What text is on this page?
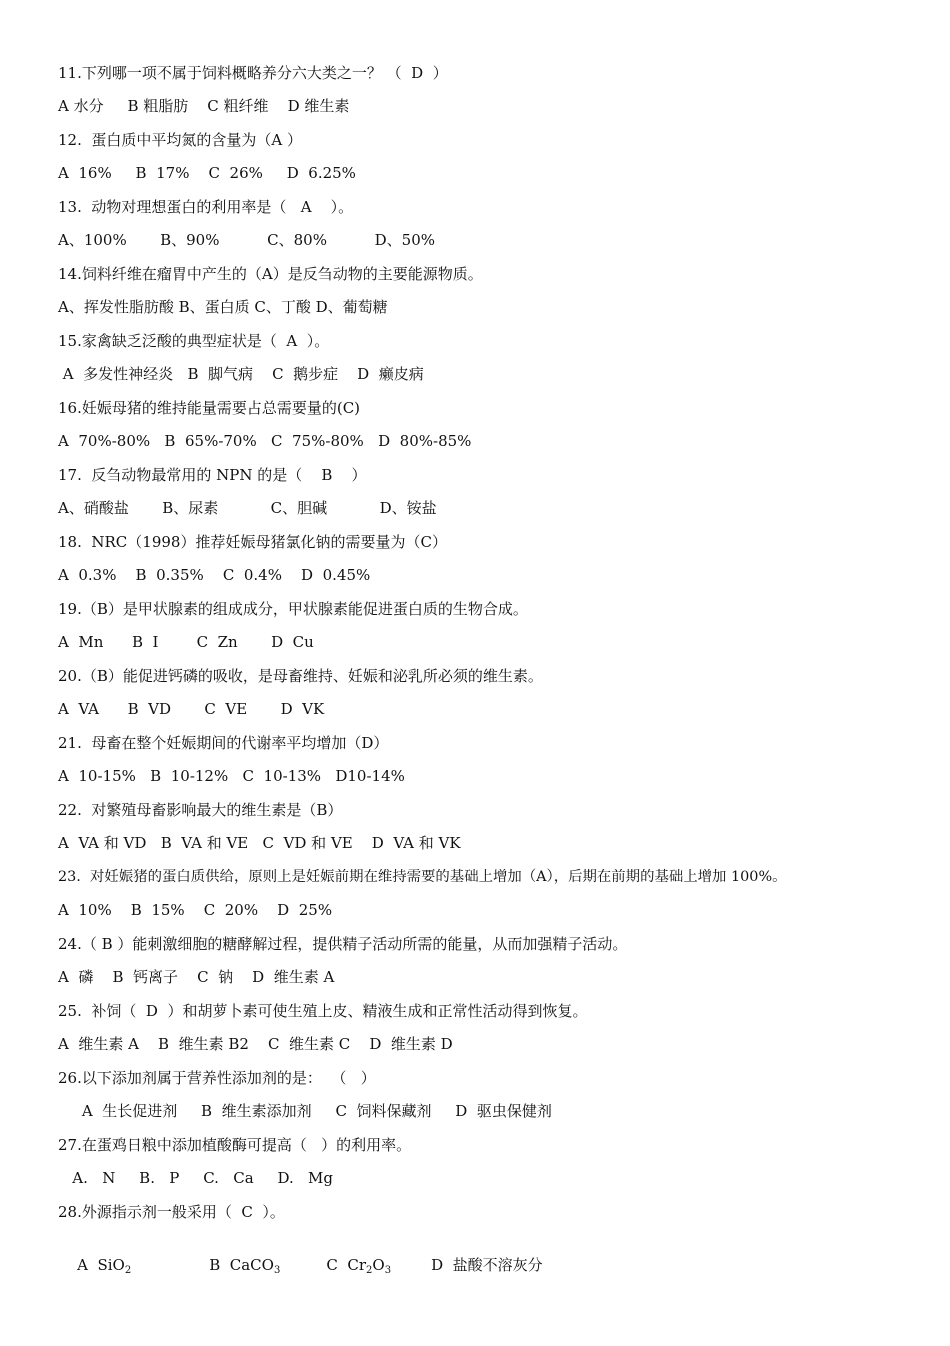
11.下列哪一项不属于饲料概略养分六大类之一？ （  D  ）
A 水分     B 粗脂肪    C 粗纤维    D 维生素
12.  蛋白质中平均氮的含量为（A ）
A  16%     B  17%    C  26%     D  6.25%
13.  动物对理想蛋白的利用率是（   A    ）。
A、100%       B、90%          C、80%          D、50%
14.饲料纤维在瘤胃中产生的（A）是反刍动物的主要能源物质。
A、挥发性脂肪酸 B、蛋白质 C、丁酸 D、葡萄糖
15.家禽缺乏泛酸的典型症状是（  A  ）。
A  多发性神经炎   B  脚气病    C  鹅步症    D  癞皮病
16.妊娠母猪的维持能量需要占总需要量的(C)
A  70%-80%   B  65%-70%   C  75%-80%   D  80%-85%
17.  反刍动物最常用的 NPN 的是（    B    ）
A、硝酸盐       B、尿素           C、胆碱           D、铵盐
18.  NRC（1998）推荐妊娠母猪氯化钠的需要量为（C）
A  0.3%    B  0.35%    C  0.4%    D  0.45%
19.（B）是甲状腺素的组成成分，甲状腺素能促进蛋白质的生物合成。
A  Mn      B  I        C  Zn       D  Cu
20.（B）能促进钙磷的吸收，是母畜维持、妊娠和泌乳所必须的维生素。
A  VA      B  VD       C  VE       D  VK
21.  母畜在整个妊娠期间的代谢率平均增加（D）
A  10-15%   B  10-12%   C  10-13%   D10-14%
22.  对繁殖母畜影响最大的维生素是（B）
A  VA 和 VD   B  VA 和 VE   C  VD 和 VE    D  VA 和 VK
23.  对妊娠猪的蛋白质供给，原则上是妊娠前期在维持需要的基础上增加（A），后期在前期的基础上增加 100%。
A  10%    B  15%    C  20%    D  25%
24.（ B ）能刺激细胞的糖酵解过程，提供精子活动所需的能量，从而加强精子活动。
A  磷    B  钙离子    C  钠    D  维生素 A
25.  补饲（  D  ）和胡萝卜素可使生殖上皮、精液生成和正常性活动得到恢复。
A  维生素 A    B  维生素 B2    C  维生素 C    D  维生素 D
26.以下添加剂属于营养性添加剂的是：  （   ）
A  生长促进剂     B  维生素添加剂     C  饲料保藏剂     D  驱虫保健剂
27.在蛋鸡日粮中添加植酸酶可提高（   ）的利用率。
A.   N     B.   P     C.   Ca     D.   Mg
28.外源指示剂一般采用（  C  ）。

A  SiO$_2$	B  CaCO$_3$	C  $Cr_2O_3$	D  盐酸不溶灰分
